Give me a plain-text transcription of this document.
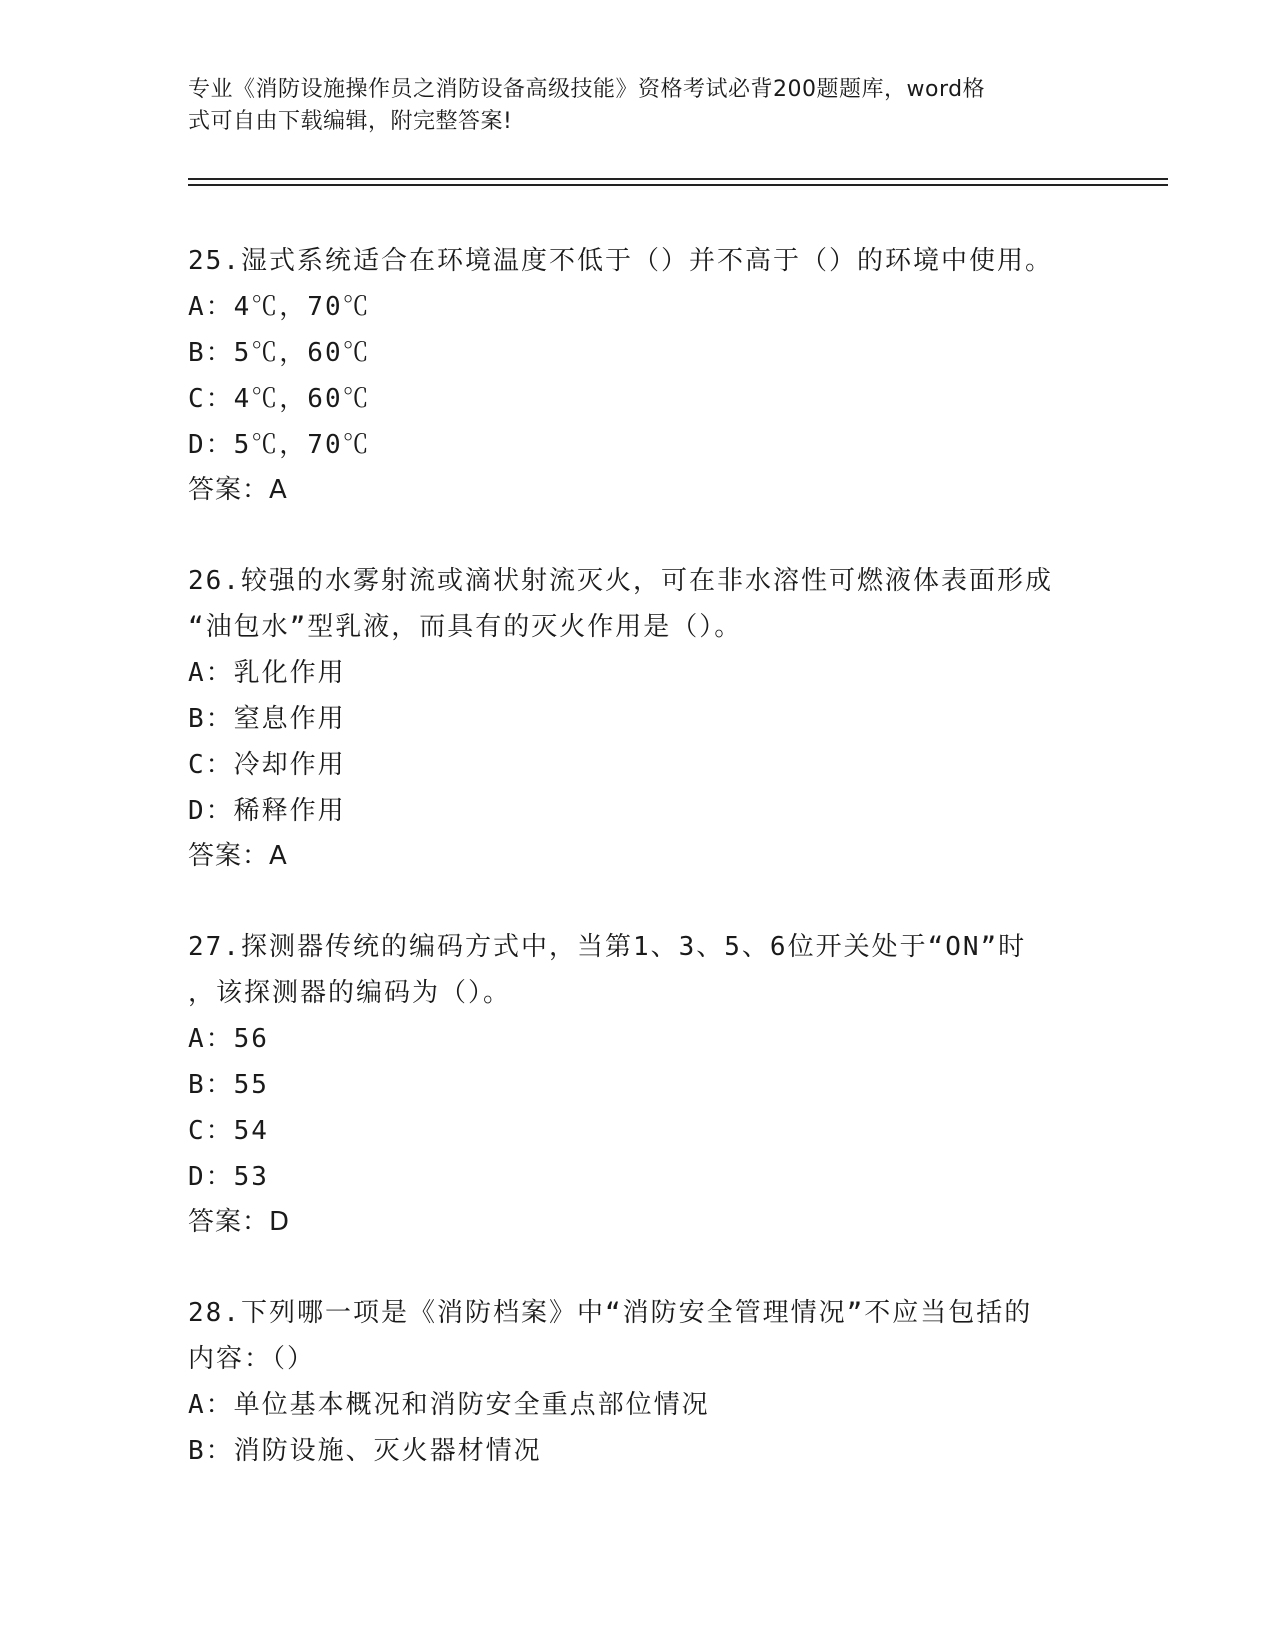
专业《消防设施操作员之消防设备高级技能》资格考试必背200题题库，word格
式可自由下载编辑，附完整答案!
25.湿式系统适合在环境温度不低于（）并不高于（）的环境中使用。
A：4℃，70℃
B：5℃，60℃
C：4℃，60℃
D：5℃，70℃
答案：A
26.较强的水雾射流或滴状射流灭火，可在非水溶性可燃液体表面形成
“油包水”型乳液，而具有的灭火作用是（）。
A：乳化作用
B：窒息作用
C：冷却作用
D：稀释作用
答案：A
27.探测器传统的编码方式中，当第1、3、5、6位开关处于“ON”时
，该探测器的编码为（）。
A：56
B：55
C：54
D：53
答案：D
28.下列哪一项是《消防档案》中“消防安全管理情况”不应当包括的
内容：（）
A：单位基本概况和消防安全重点部位情况
B：消防设施、灭火器材情况
